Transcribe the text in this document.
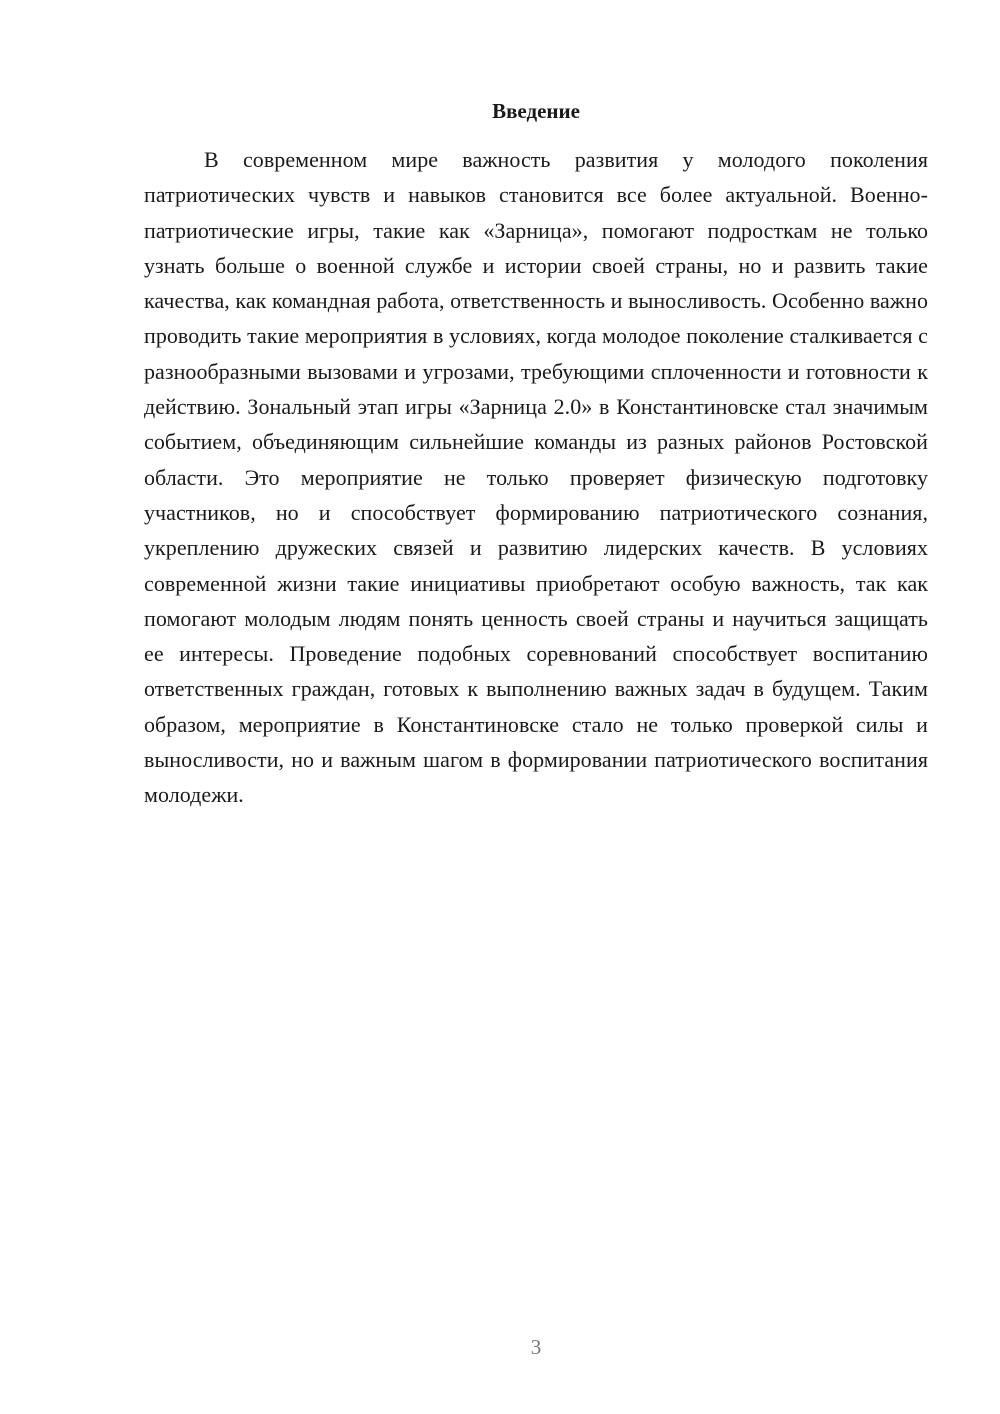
Введение

В современном мире важность развития у молодого поколения патриотических чувств и навыков становится все более актуальной. Военно-патриотические игры, такие как «Зарница», помогают подросткам не только узнать больше о военной службе и истории своей страны, но и развить такие качества, как командная работа, ответственность и выносливость. Особенно важно проводить такие мероприятия в условиях, когда молодое поколение сталкивается с разнообразными вызовами и угрозами, требующими сплоченности и готовности к действию. Зональный этап игры «Зарница 2.0» в Константиновске стал значимым событием, объединяющим сильнейшие команды из разных районов Ростовской области. Это мероприятие не только проверяет физическую подготовку участников, но и способствует формированию патриотического сознания, укреплению дружеских связей и развитию лидерских качеств. В условиях современной жизни такие инициативы приобретают особую важность, так как помогают молодым людям понять ценность своей страны и научиться защищать ее интересы. Проведение подобных соревнований способствует воспитанию ответственных граждан, готовых к выполнению важных задач в будущем. Таким образом, мероприятие в Константиновске стало не только проверкой силы и выносливости, но и важным шагом в формировании патриотического воспитания молодежи.

3
